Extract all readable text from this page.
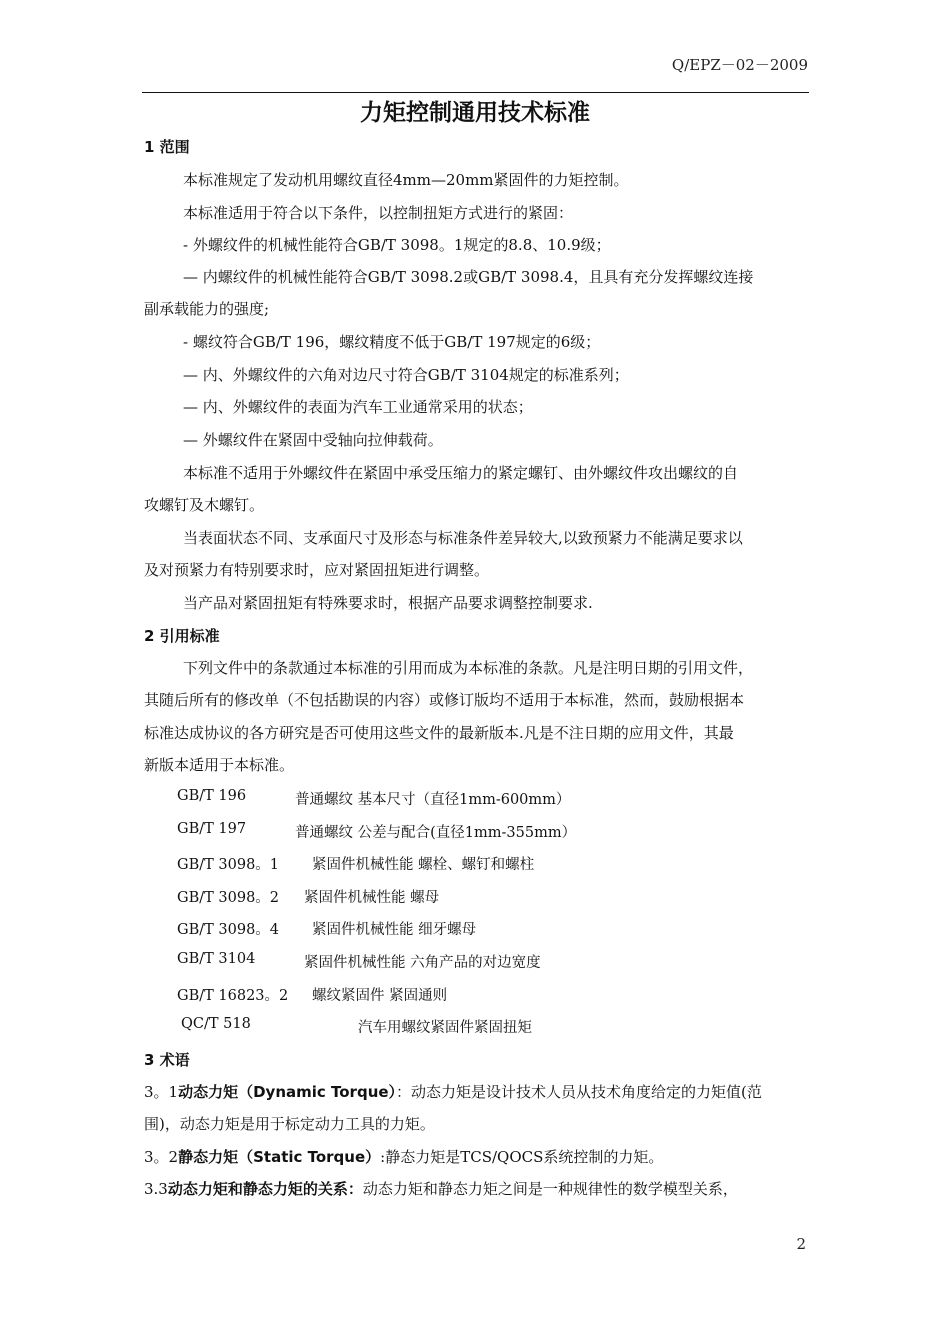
Q/EPZ－02－2009
力矩控制通用技术标准
1 范围
本标准规定了发动机用螺纹直径4mm—20mm紧固件的力矩控制。
本标准适用于符合以下条件，以控制扭矩方式进行的紧固：
- 外螺纹件的机械性能符合GB/T 3098。1规定的8.8、10.9级；
— 内螺纹件的机械性能符合GB/T 3098.2或GB/T 3098.4，且具有充分发挥螺纹连接
副承载能力的强度;
- 螺纹符合GB/T 196，螺纹精度不低于GB/T 197规定的6级；
— 内、外螺纹件的六角对边尺寸符合GB/T 3104规定的标准系列；
— 内、外螺纹件的表面为汽车工业通常采用的状态；
— 外螺纹件在紧固中受轴向拉伸载荷。
本标准不适用于外螺纹件在紧固中承受压缩力的紧定螺钉、由外螺纹件攻出螺纹的自
攻螺钉及木螺钉。
当表面状态不同、支承面尺寸及形态与标准条件差异较大,以致预紧力不能满足要求以
及对预紧力有特别要求时，应对紧固扭矩进行调整。
当产品对紧固扭矩有特殊要求时，根据产品要求调整控制要求.
2 引用标准
下列文件中的条款通过本标准的引用而成为本标准的条款。凡是注明日期的引用文件，
其随后所有的修改单（不包括勘误的内容）或修订版均不适用于本标准，然而，鼓励根据本
标准达成协议的各方研究是否可使用这些文件的最新版本.凡是不注日期的应用文件，其最
新版本适用于本标准。
GB/T 196	普通螺纹 基本尺寸（直径1mm-600mm）
GB/T 197	普通螺纹 公差与配合(直径1mm-355mm）
GB/T 3098。1 紧固件机械性能 螺栓、螺钉和螺柱
GB/T 3098。2 紧固件机械性能 螺母
GB/T 3098。4 紧固件机械性能 细牙螺母
GB/T 3104	紧固件机械性能 六角产品的对边宽度
GB/T 16823。2 螺纹紧固件 紧固通则
QC/T 518	汽车用螺纹紧固件紧固扭矩
3 术语
3。1动态力矩（Dynamic Torque）：动态力矩是设计技术人员从技术角度给定的力矩值(范
围)，动态力矩是用于标定动力工具的力矩。
3。2静态力矩（Static Torque）:静态力矩是TCS/QOCS系统控制的力矩。
3.3动态力矩和静态力矩的关系：动态力矩和静态力矩之间是一种规律性的数学模型关系，
2
